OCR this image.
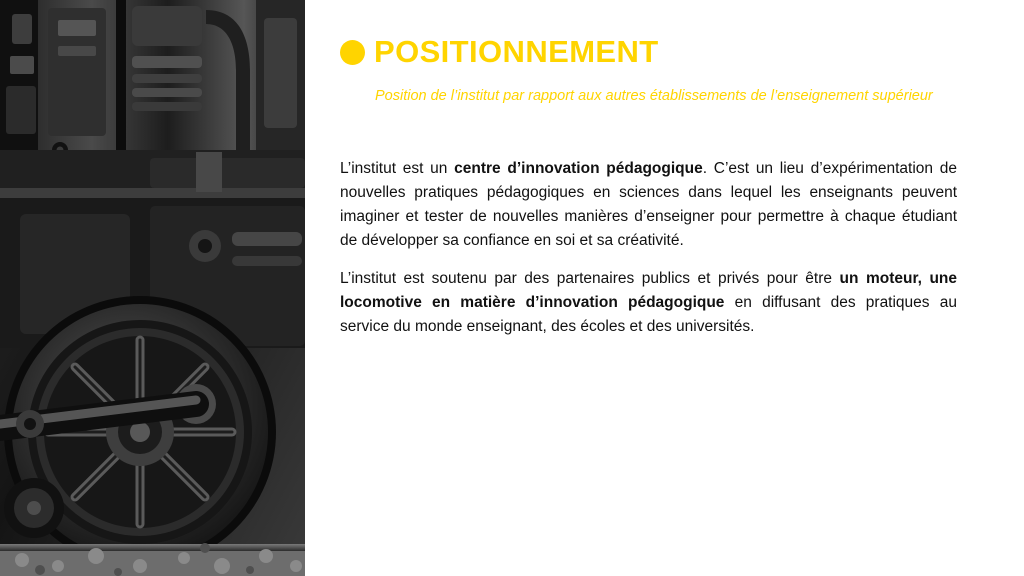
POSITIONNEMENT
Position de l’institut par rapport aux autres établissements de l’enseignement supérieur

L’institut est un centre d’innovation pédagogique. C’est un lieu d’expérimentation de nouvelles pratiques pédagogiques en sciences dans lequel les enseignants peuvent imaginer et tester de nouvelles manières d’enseigner pour permettre à chaque étudiant de développer sa confiance en soi et sa créativité.

L’institut est soutenu par des partenaires publics et privés pour être un moteur, une locomotive en matière d’innovation pédagogique en diffusant des pratiques au service du monde enseignant, des écoles et des universités.
